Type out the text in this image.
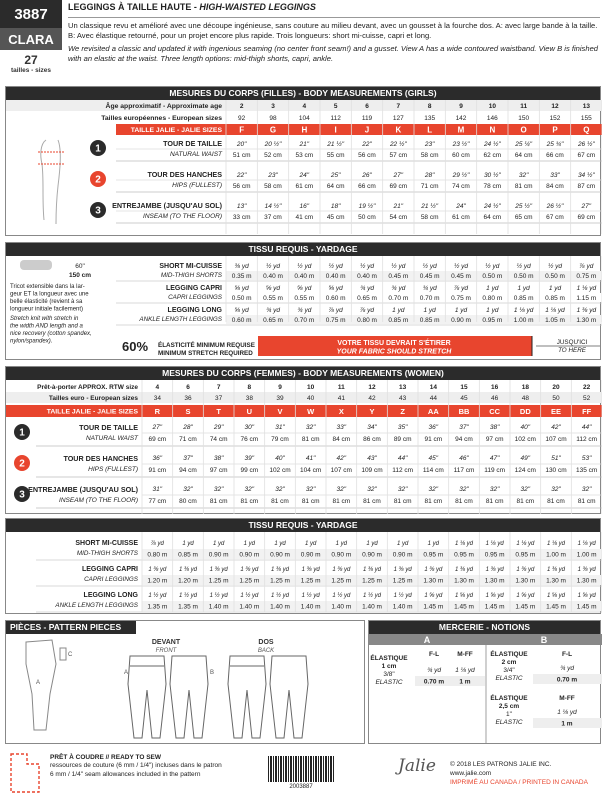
3887
CLARA
27
tailles - sizes
LEGGINGS À TAILLE HAUTE - HIGH-WAISTED LEGGINGS
Un classique revu et amélioré avec une découpe ingénieuse, sans couture au milieu devant, avec un gousset à la fourche dos. A: avec large bande à la taille. B: Avec élastique retourné, pour un projet encore plus rapide. Trois longueurs: short mi-cuisse, capri et long.
We revisited a classic and updated it with ingenious seaming (no center front seam!) and a gusset. View A has a wide contoured waistband. View B is finished with an elastic at the waist. Three length options: mid-thigh shorts, capri, ankle.
MESURES DU CORPS (FILLES) - BODY MEASUREMENTS (GIRLS)
Âge approximatif - Approximate age	2	3	4	5	6	7	8	9	10	11	12	13
Tailles européennes - European sizes 92	98	104	112	119	127	135	142	146	150	152	155
TAILLE JALIE - JALIE SIZES F	G	H	I	J	K	L	M	N	O	P	Q
1	TOUR DE TAILLE
NATURAL WAIST
20"	20 ½"	21"	21 ½"	22"	22 ½"	23"	23 ½" 24 ½" 25 ¼" 25 ¾" 26 ½"
51 cm 52 cm 53 cm 55 cm 56 cm 57 cm 58 cm 60 cm 62 cm 64 cm 66 cm 67 cm
2	TOUR DES HANCHES
HIPS (FULLEST)
22"	23"	24"	25"	26"	27"	28"	29 ½" 30 ½"	32"	33"	34 ½"
56 cm 58 cm 61 cm 64 cm 66 cm 69 cm 71 cm 74 cm 78 cm 81 cm 84 cm 87 cm
3 ENTREJAMBE (JUSQU'AU SOL)
INSEAM (TO THE FLOOR)
13"	14 ½"	16"	18"	19 ½"	21"	21 ½"	24"	24 ½" 25 ½" 26 ½"	27"
33 cm 37 cm 41 cm 45 cm 50 cm 54 cm 58 cm 61 cm 64 cm 65 cm 67 cm 69 cm
TISSU REQUIS - YARDAGE
60"
150 cm
Tricot extensible dans la lar-
geur ET la longueur avec une
belle élasticité (revient à sa
longueur initiale facilement)
Stretch knit with stretch in
the width AND length and a
nice recovery (cotton spandex,
nylon/spandex).
SHORT MI-CUISSE
MID-THIGH SHORTS
⅜ yd	½ yd	½ yd	½ yd	½ yd	½ yd	½ yd	½ yd	½ yd	½ yd	½ yd	⅞ yd
0.35 m 0.40 m 0.40 m 0.40 m 0.40 m 0.45 m 0.45 m 0.45 m 0.50 m 0.50 m 0.50 m 0.75 m
LEGGING CAPRI
CAPRI LEGGINGS
⅝ yd	⅝ yd	⅝ yd	⅝ yd	¾ yd	¾ yd	¾ yd	⅞ yd	1 yd	1 yd	1 yd 1 ⅛ yd
0.50 m 0.55 m 0.55 m 0.60 m 0.65 m 0.70 m 0.70 m 0.75 m 0.80 m 0.85 m 0.85 m 1.15 m
LEGGING LONG
ANKLE LENGTH LEGGINGS
⅝ yd	¾ yd	¾ yd	⅞ yd	⅞ yd	1 yd	1 yd	1 yd	1 yd 1 ⅛ yd 1 ⅛ yd 1 ⅜ yd
0.60 m 0.65 m 0.70 m 0.75 m 0.80 m 0.85 m 0.85 m 0.90 m 0.95 m 1.00 m 1.05 m 1.30 m
60% ÉLASTICITÉ MINIMUM REQUISE
MINIMUM STRETCH REQUIRED
VOTRE TISSU DEVRAIT S'ÉTIRER
YOUR FABRIC SHOULD STRETCH
JUSQU'ICI
TO HERE
MESURES DU CORPS (FEMMES) - BODY MEASUREMENTS (WOMEN)
Prêt-à-porter APPROX. RTW size	4	6	7	8	9	10	11	12	13	14	15	16	18	20	22
Tailles euro - European sizes 34	36	37	38	39	40	41	42	43	44	45	46	48	50	52
TAILLE JALIE - JALIE SIZES R	S	T	U	V	W	X	Y	Z	AA	BB	CC	DD	EE	FF
1	TOUR DE TAILLE
NATURAL WAIST
27"	28"	29"	30"	31"	32"	33"	34"	35"	36"	37"	38"	40"	42"	44"
69 cm 71 cm 74 cm 76 cm 79 cm 81 cm 84 cm 86 cm 89 cm 91 cm 94 cm 97 cm 102 cm 107 cm 112 cm
2	TOUR DES HANCHES
HIPS (FULLEST)
36"	37"	38"	39"	40"	41"	42"	43"	44"	45"	46"	47"	49"	51"	53"
91 cm 94 cm 97 cm 99 cm 102 cm 104 cm 107 cm 109 cm 112 cm 114 cm 117 cm 119 cm 124 cm 130 cm 135 cm
3 ENTREJAMBE (JUSQU'AU SOL)
INSEAM (TO THE FLOOR)
31"	32"	32"	32"	32"	32"	32"	32"	32"	32"	32"	32"	32"	32"	32"
77 cm 80 cm 81 cm 81 cm 81 cm 81 cm 81 cm 81 cm 81 cm 81 cm 81 cm 81 cm 81 cm 81 cm 81 cm
TISSU REQUIS - YARDAGE
SHORT MI-CUISSE
MID-THIGH SHORTS
⅞ yd	1 yd	1 yd	1 yd	1 yd	1 yd	1 yd	1 yd	1 yd	1 yd	1 ⅛ yd 1 ⅛ yd 1 ⅛ yd 1 ⅛ yd 1 ⅛ yd
0.80 m 0.85 m 0.90 m 0.90 m 0.90 m 0.90 m 0.90 m 0.90 m 0.90 m 0.95 m 0.95 m 0.95 m 0.95 m 1.00 m 1.00 m
LEGGING CAPRI
CAPRI LEGGINGS
1 ⅜ yd 1 ⅜ yd 1 ⅜ yd 1 ⅜ yd 1 ⅜ yd 1 ⅜ yd 1 ⅜ yd 1 ⅜ yd 1 ⅜ yd 1 ⅜ yd 1 ⅜ yd 1 ⅜ yd 1 ⅜ yd 1 ⅜ yd 1 ⅜ yd
1.20 m 1.20 m 1.25 m 1.25 m 1.25 m 1.25 m 1.25 m 1.25 m 1.25 m 1.30 m 1.30 m 1.30 m 1.30 m 1.30 m 1.30 m
LEGGING LONG
ANKLE LENGTH LEGGINGS
1 ½ yd 1 ½ yd 1 ½ yd 1 ½ yd 1 ½ yd 1 ½ yd 1 ½ yd 1 ½ yd 1 ½ yd 1 ⅝ yd 1 ⅝ yd 1 ⅝ yd 1 ⅝ yd 1 ⅝ yd 1 ⅝ yd
1.35 m 1.35 m 1.40 m 1.40 m 1.40 m 1.40 m 1.40 m 1.40 m 1.40 m 1.45 m 1.45 m 1.45 m 1.45 m 1.45 m 1.45 m
PIÈCES - PATTERN PIECES
C
A
DEVANT
FRONT
DOS
BACK
A	B
MERCERIE - NOTIONS
A	B
ÉLASTIQUE
1 cm
3/8"
ELASTIC
F-L	M-FF
¾ yd 1 ⅛ yd
0.70 m 1 m
ÉLASTIQUE
2 cm
3/4"
ELASTIC
F-L
¾ yd
0.70 m
ÉLASTIQUE
2,5 cm
1"
ELASTIC
M-FF
1 ⅛ yd
1 m
PRÊT À COUDRE // READY TO SEW
ressources de couture (6 mm / 1/4") incluses dans le patron
6 mm / 1/4" seam allowances included in the pattern
2003887
Jalie © 2018 LES PATRONS JALIE INC.
www.jalie.com
IMPRIMÉ AU CANADA / PRINTED IN CANADA
